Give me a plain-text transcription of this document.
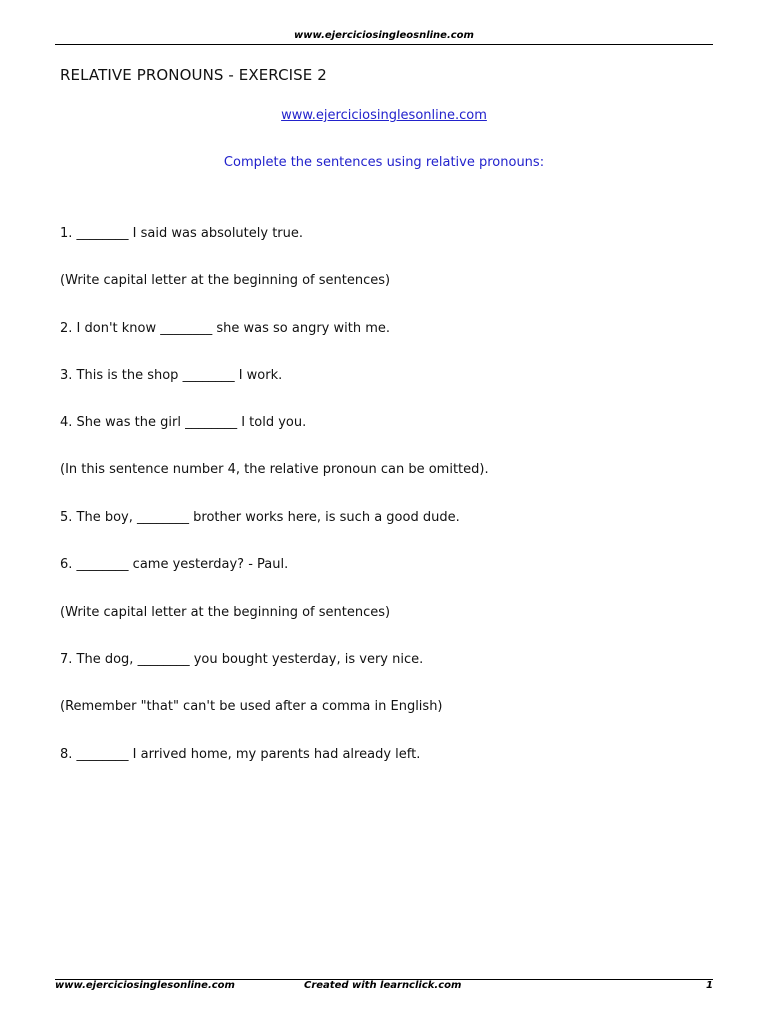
www.ejerciciosingleosnline.com
RELATIVE PRONOUNS - EXERCISE 2
www.ejerciciosinglesonline.com
Complete the sentences using relative pronouns:
1. ________ I said was absolutely true.
(Write capital letter at the beginning of sentences)
2. I don't know ________ she was so angry with me.
3. This is the shop ________ I work.
4. She was the girl ________ I told you.
(In this sentence number 4, the relative pronoun can be omitted).
5. The boy, ________ brother works here, is such a good dude.
6. ________ came yesterday? - Paul.
(Write capital letter at the beginning of sentences)
7. The dog, ________ you bought yesterday, is very nice.
(Remember "that" can't be used after a comma in English)
8. ________ I arrived home, my parents had already left.
www.ejerciciosinglesonline.com	Created with learnclick.com	1
